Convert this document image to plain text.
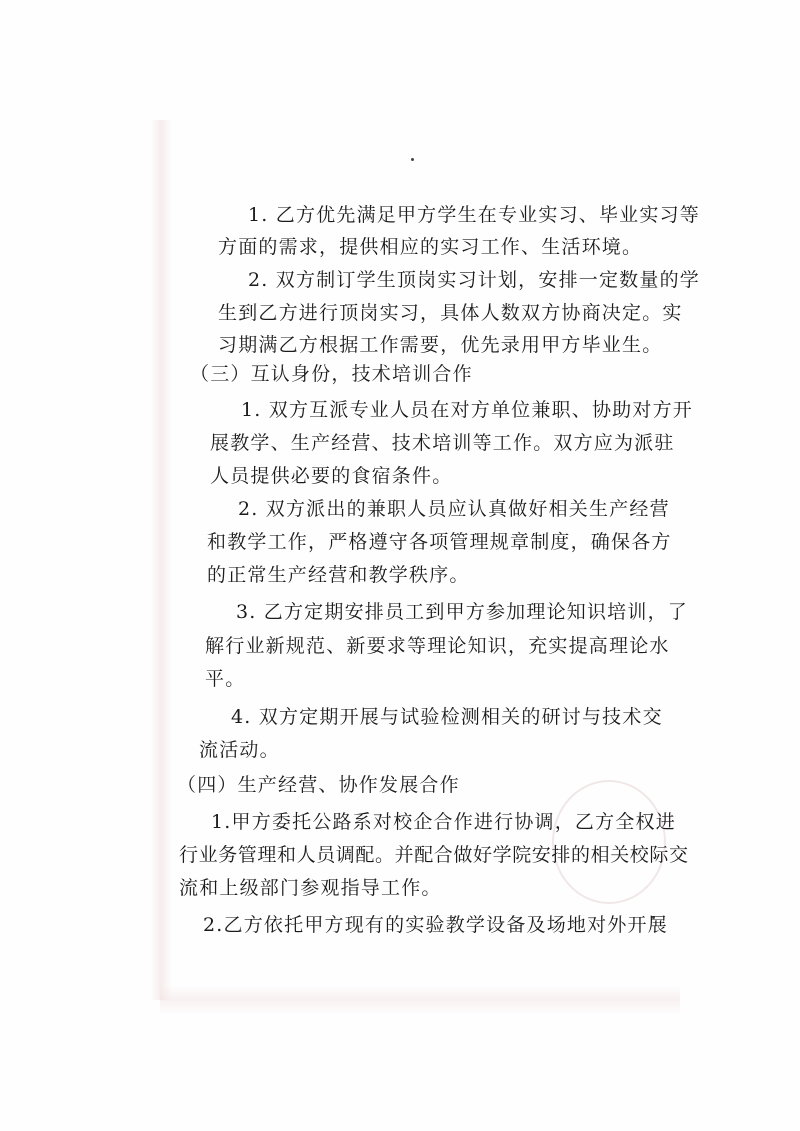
1. 乙方优先满足甲方学生在专业实习、毕业实习等
方面的需求，提供相应的实习工作、生活环境。
2. 双方制订学生顶岗实习计划，安排一定数量的学
生到乙方进行顶岗实习，具体人数双方协商决定。实
习期满乙方根据工作需要，优先录用甲方毕业生。
（三）互认身份，技术培训合作
1. 双方互派专业人员在对方单位兼职、协助对方开
展教学、生产经营、技术培训等工作。双方应为派驻
人员提供必要的食宿条件。
2. 双方派出的兼职人员应认真做好相关生产经营
和教学工作，严格遵守各项管理规章制度，确保各方
的正常生产经营和教学秩序。
3. 乙方定期安排员工到甲方参加理论知识培训，了
解行业新规范、新要求等理论知识，充实提高理论水
平。
4. 双方定期开展与试验检测相关的研讨与技术交
流活动。
（四）生产经营、协作发展合作
1.甲方委托公路系对校企合作进行协调，乙方全权进
行业务管理和人员调配。并配合做好学院安排的相关校际交
流和上级部门参观指导工作。
2.乙方依托甲方现有的实验教学设备及场地对外开展
